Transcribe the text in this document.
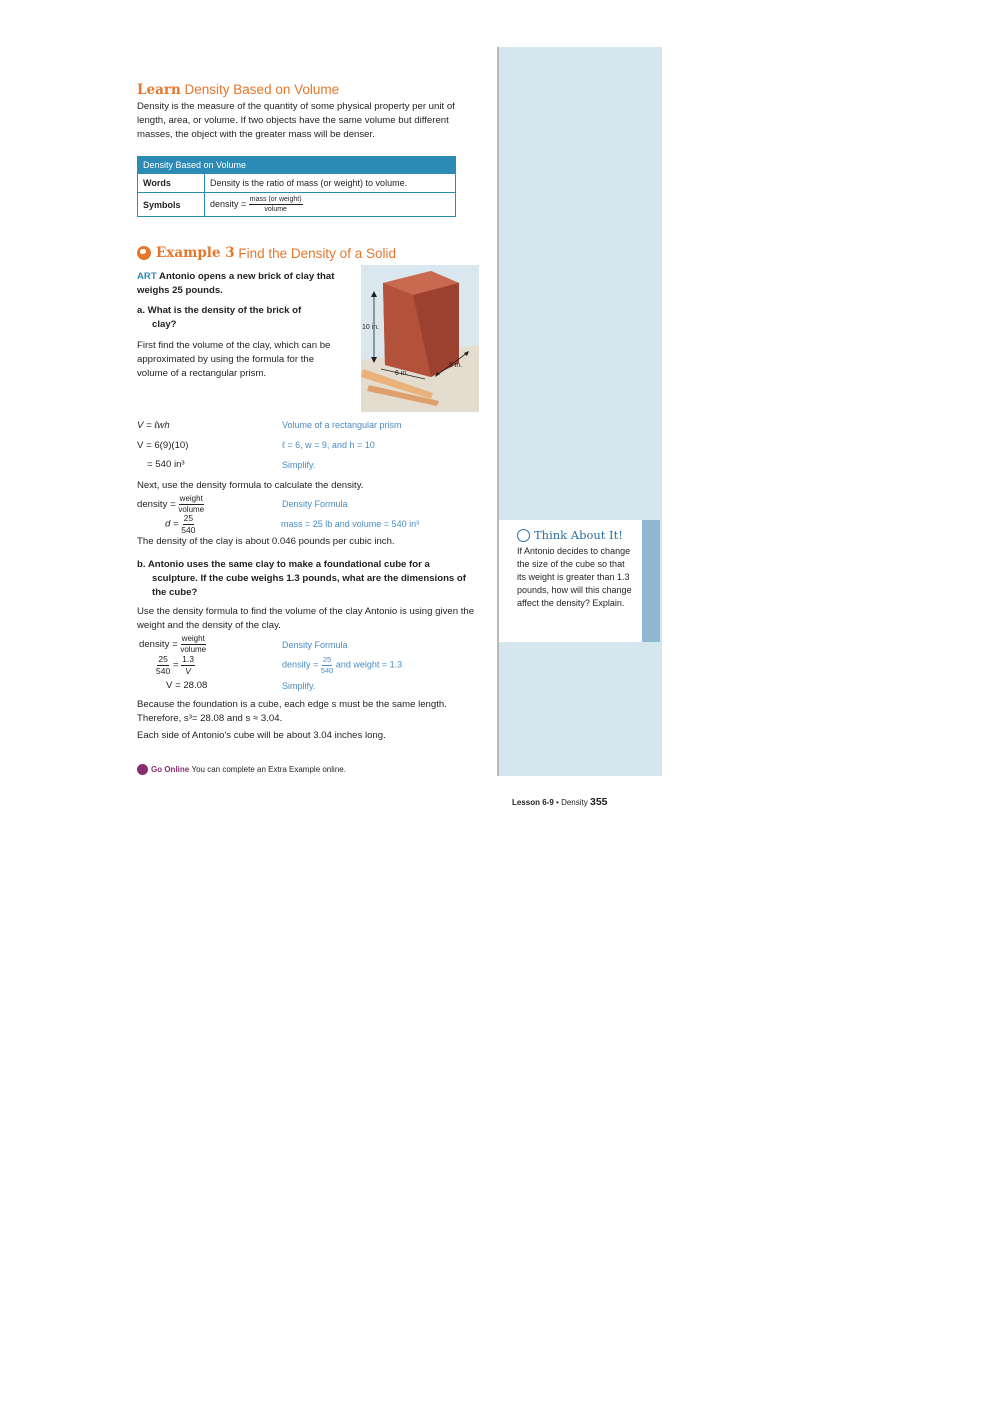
Learn Density Based on Volume
Density is the measure of the quantity of some physical property per unit of length, area, or volume. If two objects have the same volume but different masses, the object with the greater mass will be denser.
Density Based on Volume	
Words	Density is the ratio of mass (or weight) to volume.
Symbols	density = $\frac{\text{mass (or weight)}}{\text{volume}}$
Example 3
Find the Density of a Solid
ART Antonio opens a new brick of clay that weighs 25 pounds.
a. What is the density of the brick of clay?
First find the volume of the clay, which can be approximated by using the formula for the volume of a rectangular prism.
10 in.
6 in.
9 in.
V = ℓwh	Volume of a rectangular prism
V = 6(9)(10)	ℓ = 6, w = 9, and h = 10
= 540 in³	Simplify.
Next, use the density formula to calculate the density.
density = $\frac{\text{weight}}{\text{volume}}$	Density Formula
$d = \frac{25}{540}$	mass = 25 lb and volume = 540 in³
The density of the clay is about 0.046 pounds per cubic inch.
b. Antonio uses the same clay to make a foundational cube for a sculpture. If the cube weighs 1.3 pounds, what are the dimensions of the cube?
Use the density formula to find the volume of the clay Antonio is using given the weight and the density of the clay.
density = $\frac{\text{weight}}{\text{volume}}$	Density Formula
$\frac{25}{540} = \frac{1.3}{V}$	density = $\frac{25}{540}$ and weight = 1.3
V = 28.08	Simplify.
Because the foundation is a cube, each edge s must be the same length. Therefore, s³= 28.08 and s ≈ 3.04.
Each side of Antonio's cube will be about 3.04 inches long.
Go Online
You can complete an Extra Example online.
Think About It!
If Antonio decides to change the size of the cube so that its weight is greater than 1.3 pounds, how will this change affect the density? Explain.
Lesson 6-9 • Density 355
